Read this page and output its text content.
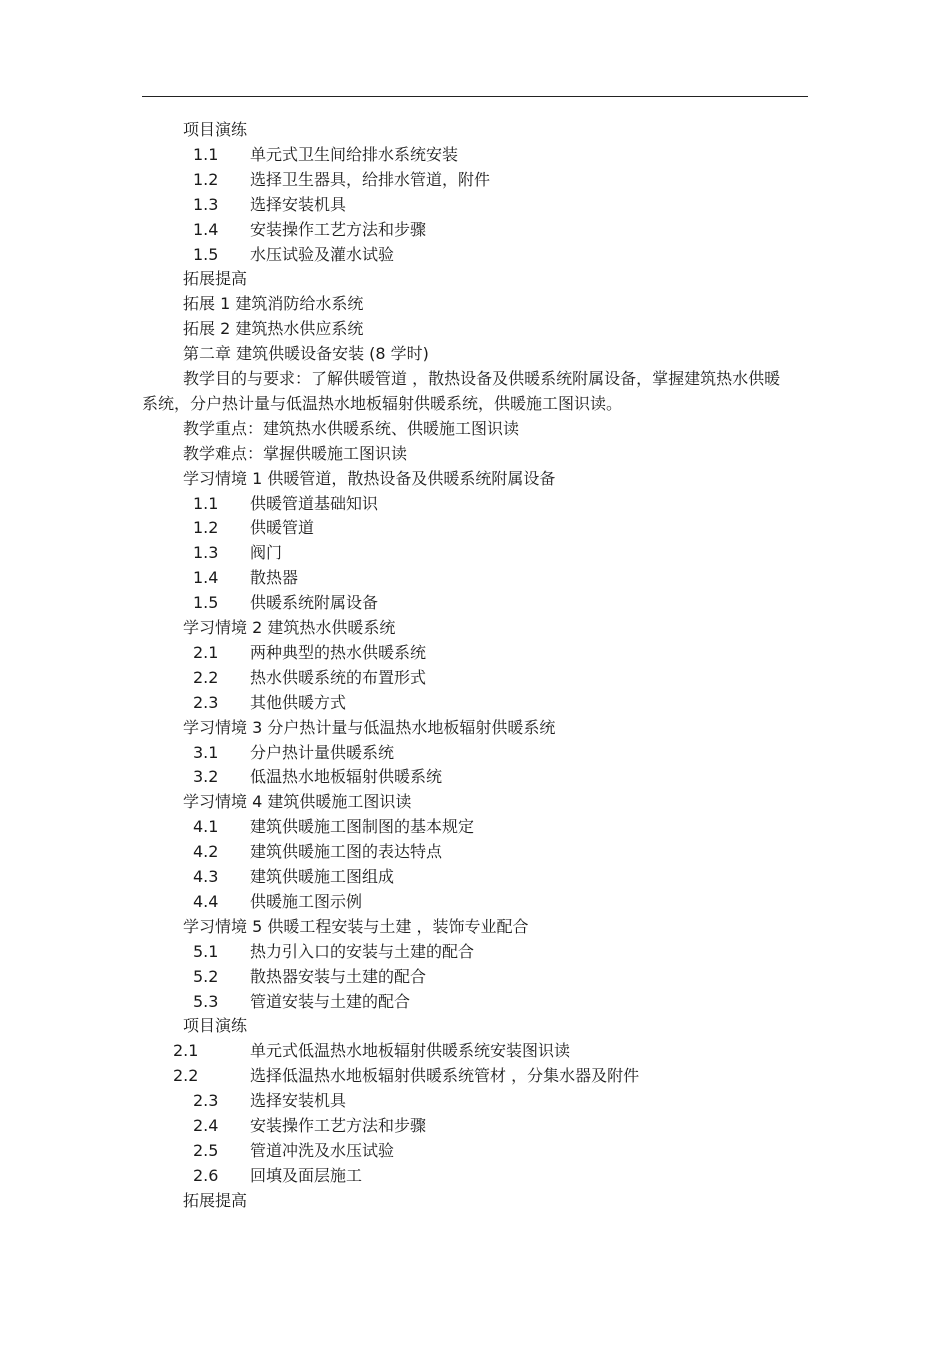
项目演练
1.1 单元式卫生间给排水系统安装
1.2 选择卫生器具，给排水管道，附件
1.3 选择安装机具
1.4 安装操作工艺方法和步骤
1.5 水压试验及灌水试验
拓展提高
拓展 1 建筑消防给水系统
拓展 2 建筑热水供应系统
第二章 建筑供暖设备安装 (8 学时)
教学目的与要求：了解供暖管道 ，散热设备及供暖系统附属设备，掌握建筑热水供暖系统，分户热计量与低温热水地板辐射供暖系统，供暖施工图识读。
教学重点：建筑热水供暖系统、供暖施工图识读
教学难点：掌握供暖施工图识读
学习情境 1 供暖管道，散热设备及供暖系统附属设备
1.1 供暖管道基础知识
1.2 供暖管道
1.3 阀门
1.4 散热器
1.5 供暖系统附属设备
学习情境 2 建筑热水供暖系统
2.1 两种典型的热水供暖系统
2.2 热水供暖系统的布置形式
2.3 其他供暖方式
学习情境 3 分户热计量与低温热水地板辐射供暖系统
3.1 分户热计量供暖系统
3.2 低温热水地板辐射供暖系统
学习情境 4 建筑供暖施工图识读
4.1 建筑供暖施工图制图的基本规定
4.2 建筑供暖施工图的表达特点
4.3 建筑供暖施工图组成
4.4 供暖施工图示例
学习情境 5 供暖工程安装与土建 ，装饰专业配合
5.1 热力引入口的安装与土建的配合
5.2 散热器安装与土建的配合
5.3 管道安装与土建的配合
项目演练
2.1	单元式低温热水地板辐射供暖系统安装图识读
2.2	选择低温热水地板辐射供暖系统管材 ，分集水器及附件
2.3 选择安装机具
2.4 安装操作工艺方法和步骤
2.5 管道冲洗及水压试验
2.6 回填及面层施工
拓展提高
